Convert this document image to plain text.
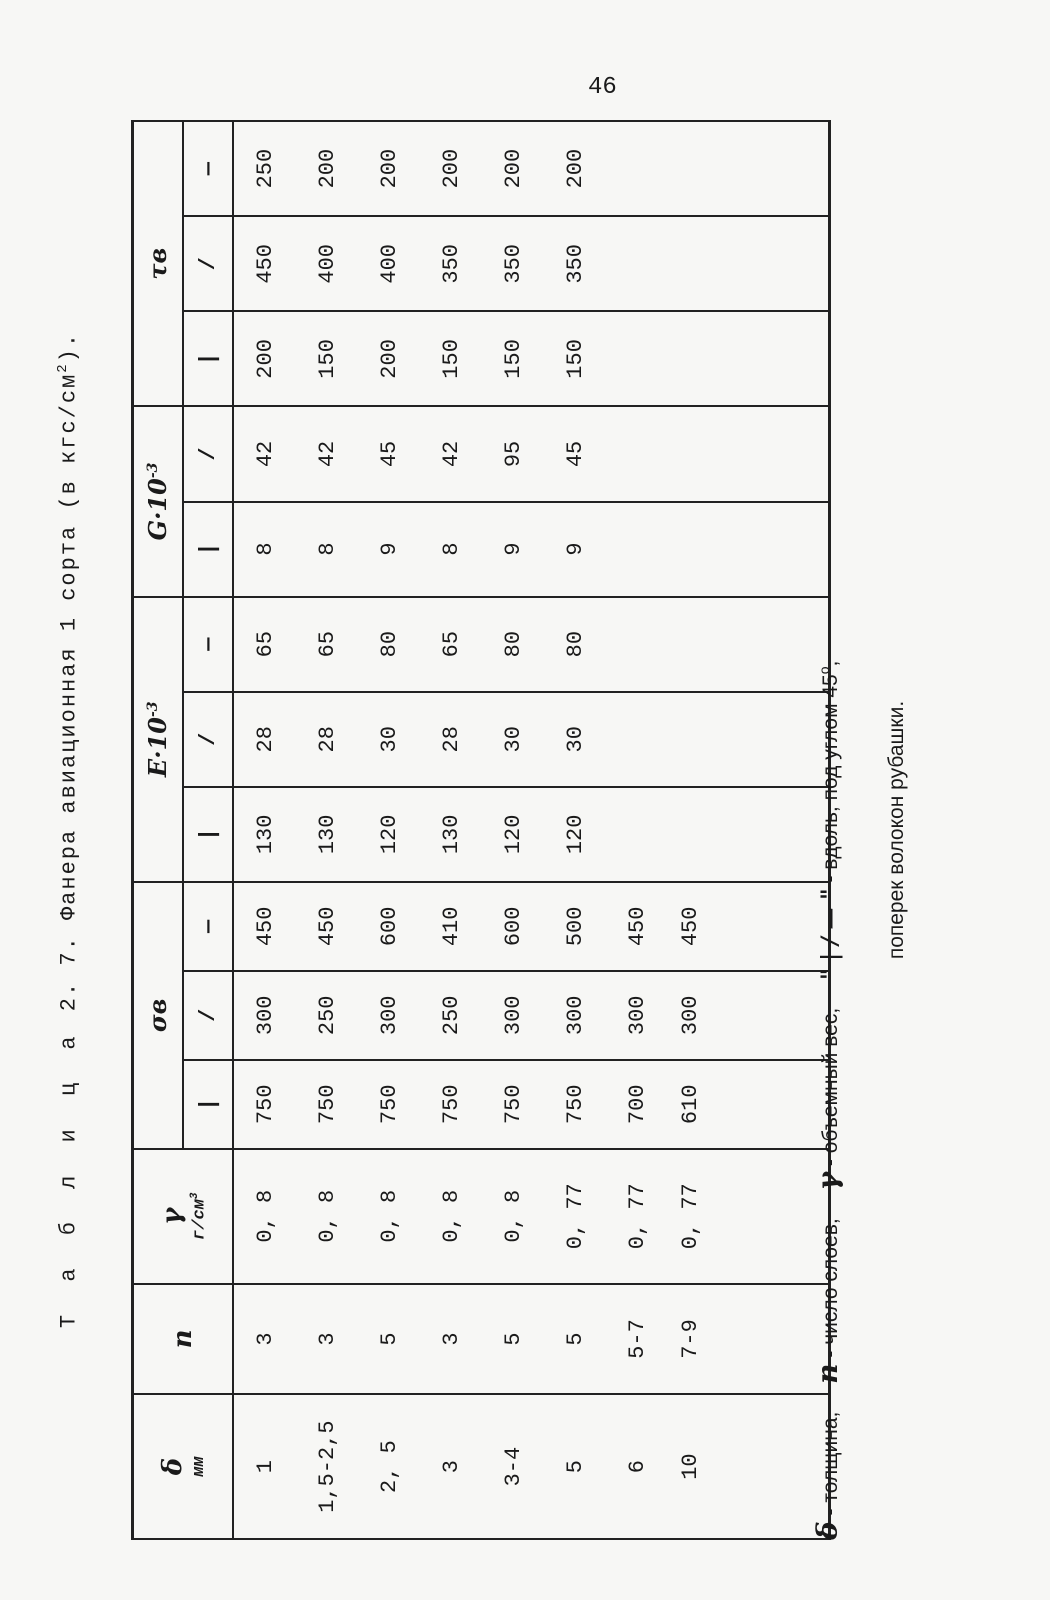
46
Т а б л и ц а 2. 7. Фанера авиационная 1 сорта (в кгс/$см^2$).
δ мм	n	γ $г/см^3$	σв			$E\cdot 10^{-3}$			$G\cdot 10^{-3}$		τв		
			|	/	—	|	/	—	|	/	|	/	—
1	3	0, 8	750	300	450	130	28	65	8	42	200	450	250
1,5-2,5	3	0, 8	750	250	450	130	28	65	8	42	150	400	200
2, 5	5	0, 8	750	300	600	120	30	80	9	45	200	400	200
3	3	0, 8	750	250	410	130	28	65	8	42	150	350	200
3-4	5	0, 8	750	300	600	120	30	80	9	95	150	350	200
5	5	0, 77	750	300	500	120	30	80	9	45	150	350	200
6	5-7	0, 77	700	300	450								
10	7-9	0, 77	610	300	450								
δ - толщина, n - число слоев, γ - объемный вес, " | / — " - вдоль, под углом $45^о$,
поперек волокон рубашки.
